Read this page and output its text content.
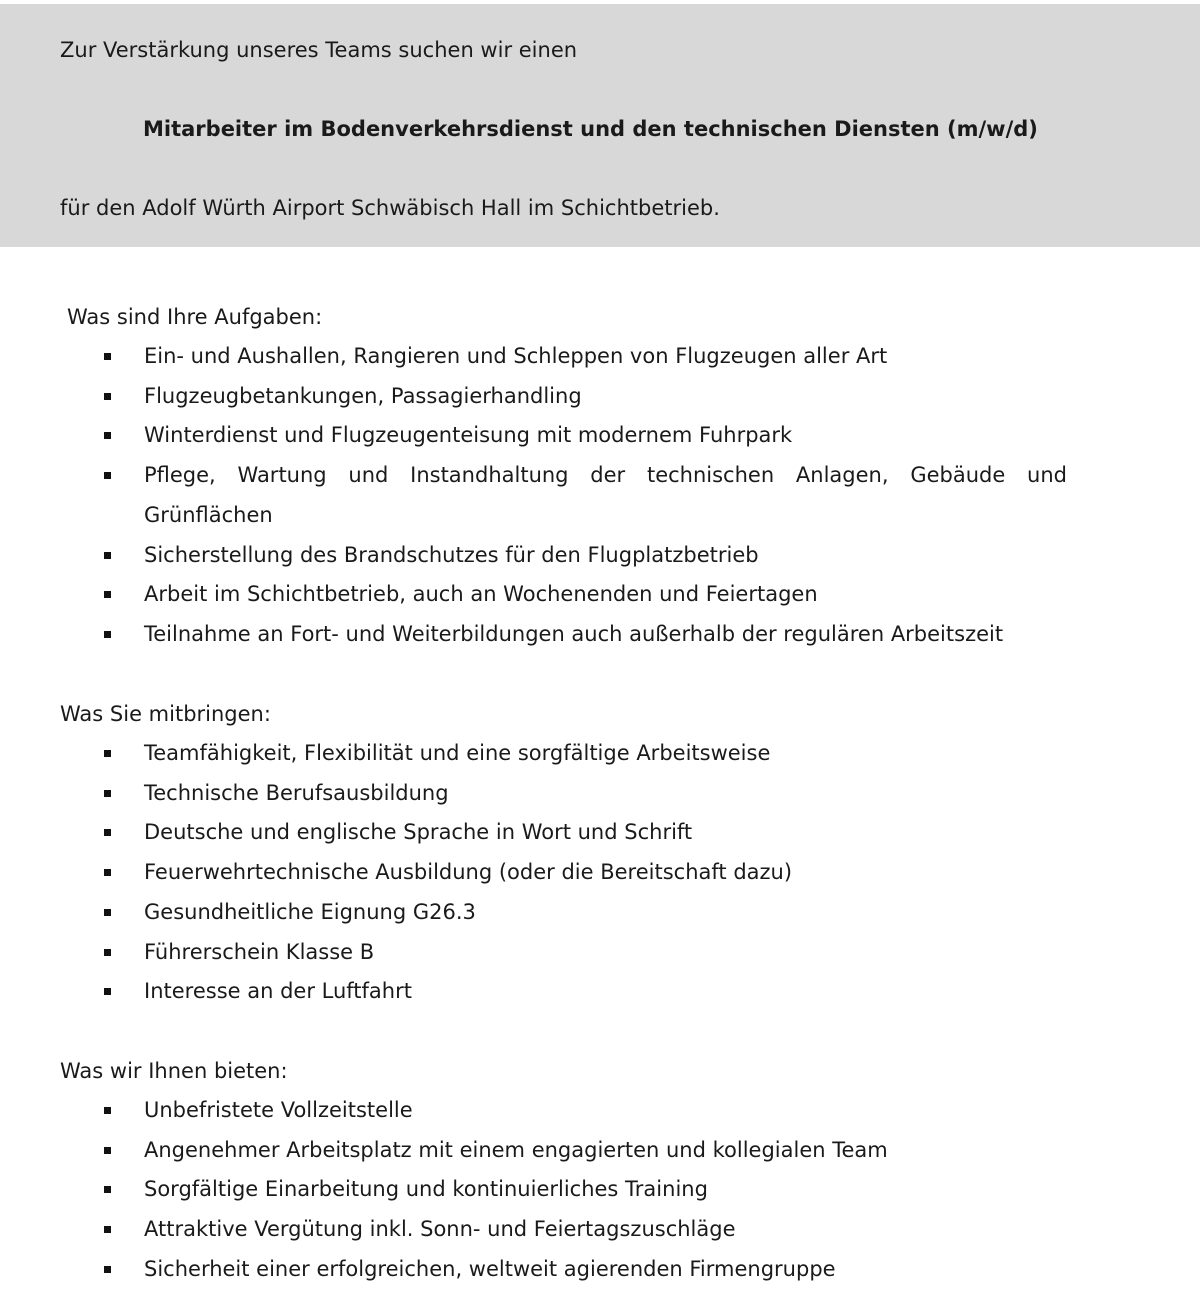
Zur Verstärkung unseres Teams suchen wir einen
Mitarbeiter im Bodenverkehrsdienst und den technischen Diensten (m/w/d)
für den Adolf Würth Airport Schwäbisch Hall im Schichtbetrieb.
Was sind Ihre Aufgaben:
Ein- und Aushallen, Rangieren und Schleppen von Flugzeugen aller Art
Flugzeugbetankungen, Passagierhandling
Winterdienst und Flugzeugenteisung mit modernem Fuhrpark
Pflege, Wartung und Instandhaltung der technischen Anlagen, Gebäude und Grünflächen
Sicherstellung des Brandschutzes für den Flugplatzbetrieb
Arbeit im Schichtbetrieb, auch an Wochenenden und Feiertagen
Teilnahme an Fort- und Weiterbildungen auch außerhalb der regulären Arbeitszeit
Was Sie mitbringen:
Teamfähigkeit, Flexibilität und eine sorgfältige Arbeitsweise
Technische Berufsausbildung
Deutsche und englische Sprache in Wort und Schrift
Feuerwehrtechnische Ausbildung (oder die Bereitschaft dazu)
Gesundheitliche Eignung G26.3
Führerschein Klasse B
Interesse an der Luftfahrt
Was wir Ihnen bieten:
Unbefristete Vollzeitstelle
Angenehmer Arbeitsplatz mit einem engagierten und kollegialen Team
Sorgfältige Einarbeitung und kontinuierliches Training
Attraktive Vergütung inkl. Sonn- und Feiertagszuschläge
Sicherheit einer erfolgreichen, weltweit agierenden Firmengruppe
